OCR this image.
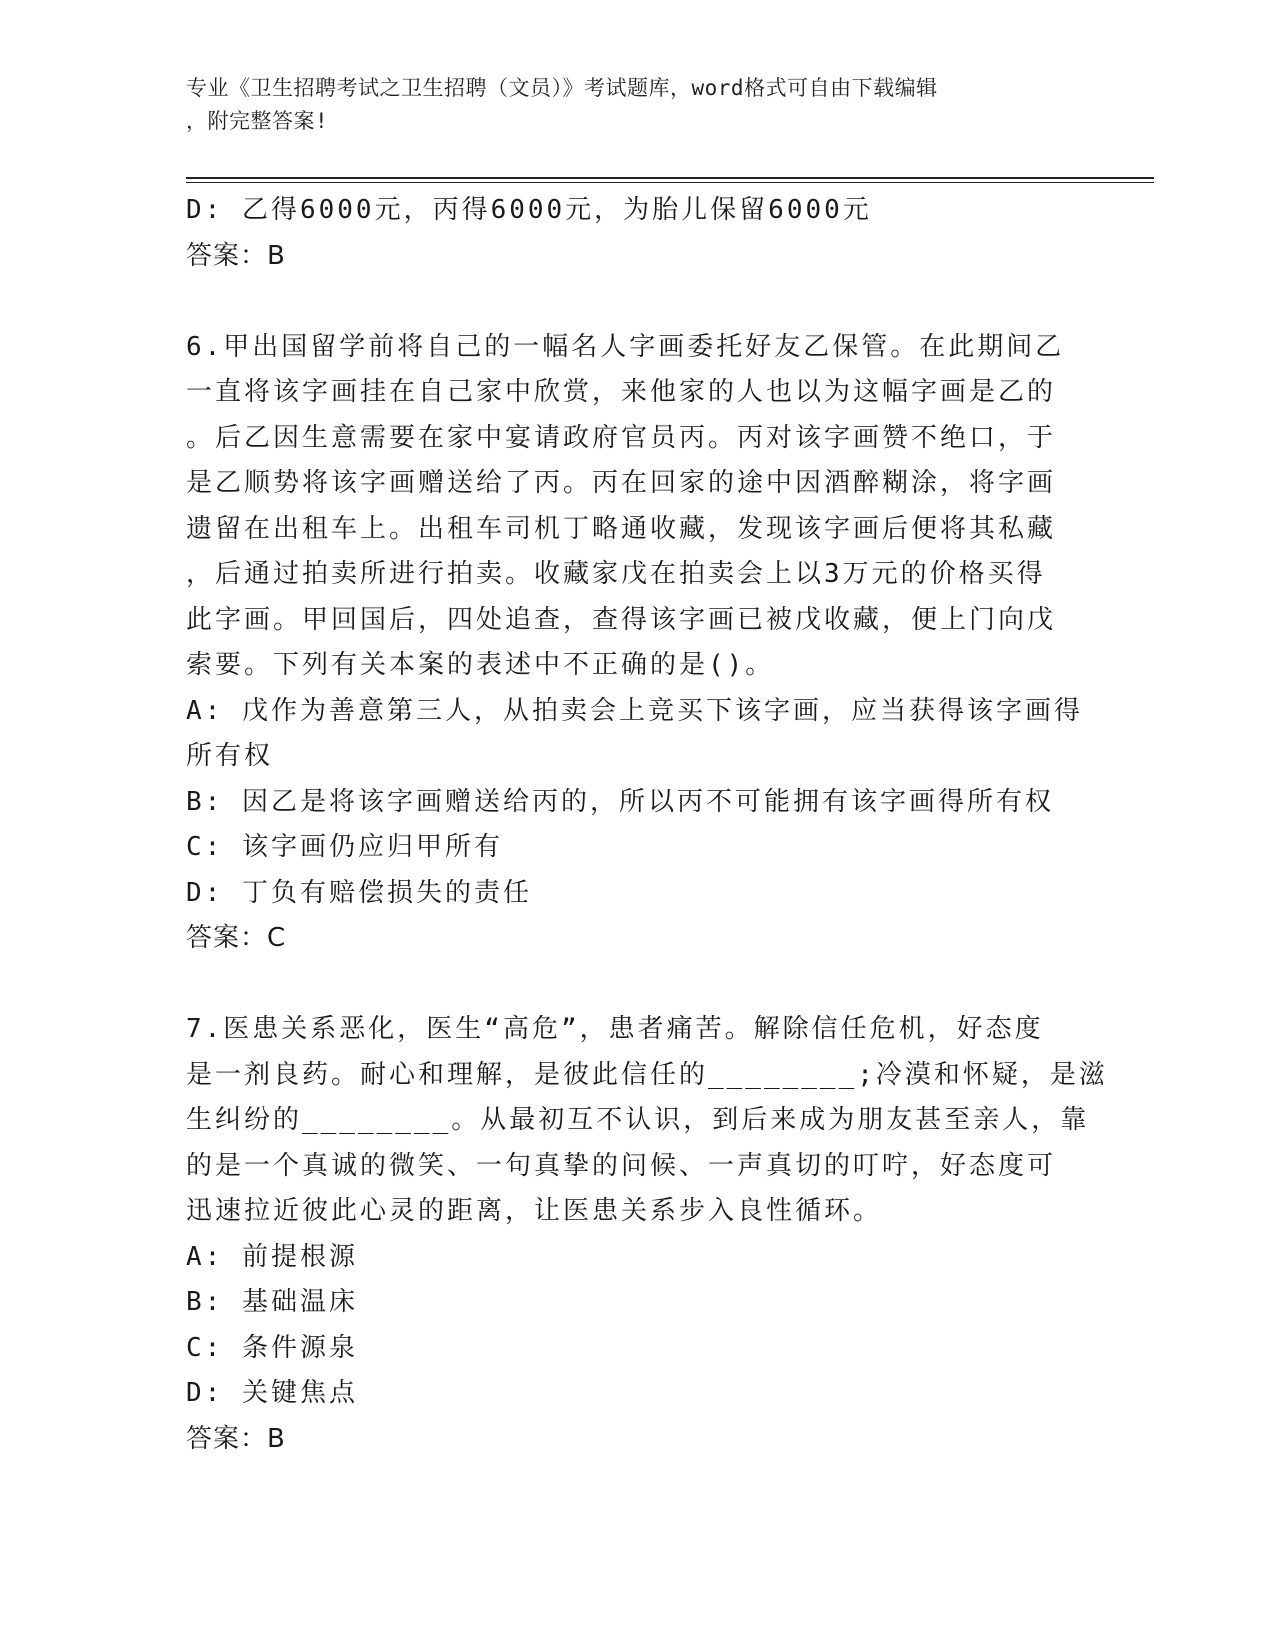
专业《卫生招聘考试之卫生招聘（文员）》考试题库，word格式可自由下载编辑
，附完整答案!
D: 乙得6000元，丙得6000元，为胎儿保留6000元
答案：B
6.甲出国留学前将自己的一幅名人字画委托好友乙保管。在此期间乙
一直将该字画挂在自己家中欣赏，来他家的人也以为这幅字画是乙的
。后乙因生意需要在家中宴请政府官员丙。丙对该字画赞不绝口，于
是乙顺势将该字画赠送给了丙。丙在回家的途中因酒醉糊涂，将字画
遗留在出租车上。出租车司机丁略通收藏，发现该字画后便将其私藏
，后通过拍卖所进行拍卖。收藏家戊在拍卖会上以3万元的价格买得
此字画。甲回国后，四处追查，查得该字画已被戊收藏，便上门向戊
索要。下列有关本案的表述中不正确的是()。
A: 戊作为善意第三人，从拍卖会上竞买下该字画，应当获得该字画得
所有权
B: 因乙是将该字画赠送给丙的，所以丙不可能拥有该字画得所有权
C: 该字画仍应归甲所有
D: 丁负有赔偿损失的责任
答案：C
7.医患关系恶化，医生“高危”，患者痛苦。解除信任危机，好态度
是一剂良药。耐心和理解，是彼此信任的________;冷漠和怀疑，是滋
生纠纷的________。从最初互不认识，到后来成为朋友甚至亲人，靠
的是一个真诚的微笑、一句真挚的问候、一声真切的叮咛，好态度可
迅速拉近彼此心灵的距离，让医患关系步入良性循环。
A: 前提根源
B: 基础温床
C: 条件源泉
D: 关键焦点
答案：B
